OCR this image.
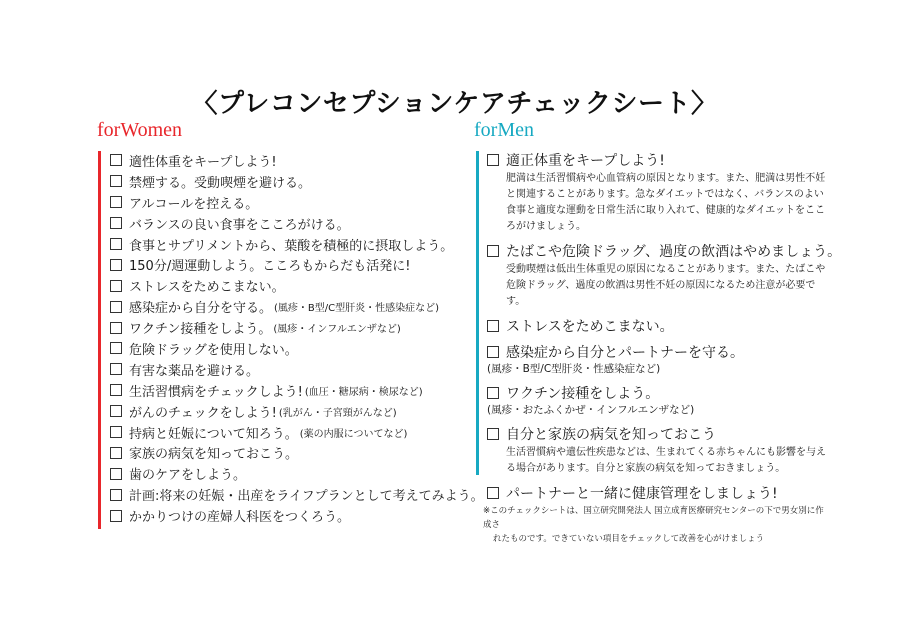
〈プレコンセプションケアチェックシート〉
forWomen
適性体重をキープしよう!
禁煙する。受動喫煙を避ける。
アルコールを控える。
バランスの良い食事をこころがける。
食事とサプリメントから、葉酸を積極的に摂取しよう。
150分/週運動しよう。こころもからだも活発に!
ストレスをためこまない。
感染症から自分を守る。 (風疹・B型/C型肝炎・性感染症など)
ワクチン接種をしよう。 (風疹・インフルエンザなど)
危険ドラッグを使用しない。
有害な薬品を避ける。
生活習慣病をチェックしよう! (血圧・糖尿病・検尿など)
がんのチェックをしよう! (乳がん・子宮頸がんなど)
持病と妊娠について知ろう。 (薬の内服についてなど)
家族の病気を知っておこう。
歯のケアをしよう。
計画:将来の妊娠・出産をライフプランとして考えてみよう。
かかりつけの産婦人科医をつくろう。
forMen
適正体重をキープしよう!
肥満は生活習慣病や心血管病の原因となります。また、肥満は男性不妊と関連することがあります。急なダイエットではなく、バランスのよい食事と適度な運動を日常生活に取り入れて、健康的なダイエットをこころがけましょう。
たばこや危険ドラッグ、過度の飲酒はやめましょう。
受動喫煙は低出生体重児の原因になることがあります。また、たばこや危険ドラッグ、過度の飲酒は男性不妊の原因になるため注意が必要です。
ストレスをためこまない。
感染症から自分とパートナーを守る。
(風疹・B型/C型肝炎・性感染症など)
ワクチン接種をしよう。
(風疹・おたふくかぜ・インフルエンザなど)
自分と家族の病気を知っておこう
生活習慣病や遺伝性疾患などは、生まれてくる赤ちゃんにも影響を与える場合があります。自分と家族の病気を知っておきましょう。
パートナーと一緒に健康管理をしましょう!
※このチェックシートは、国立研究開発法人 国立成育医療研究センターの下で男女別に作成さ
れたものです。できていない項目をチェックして改善を心がけましょう
